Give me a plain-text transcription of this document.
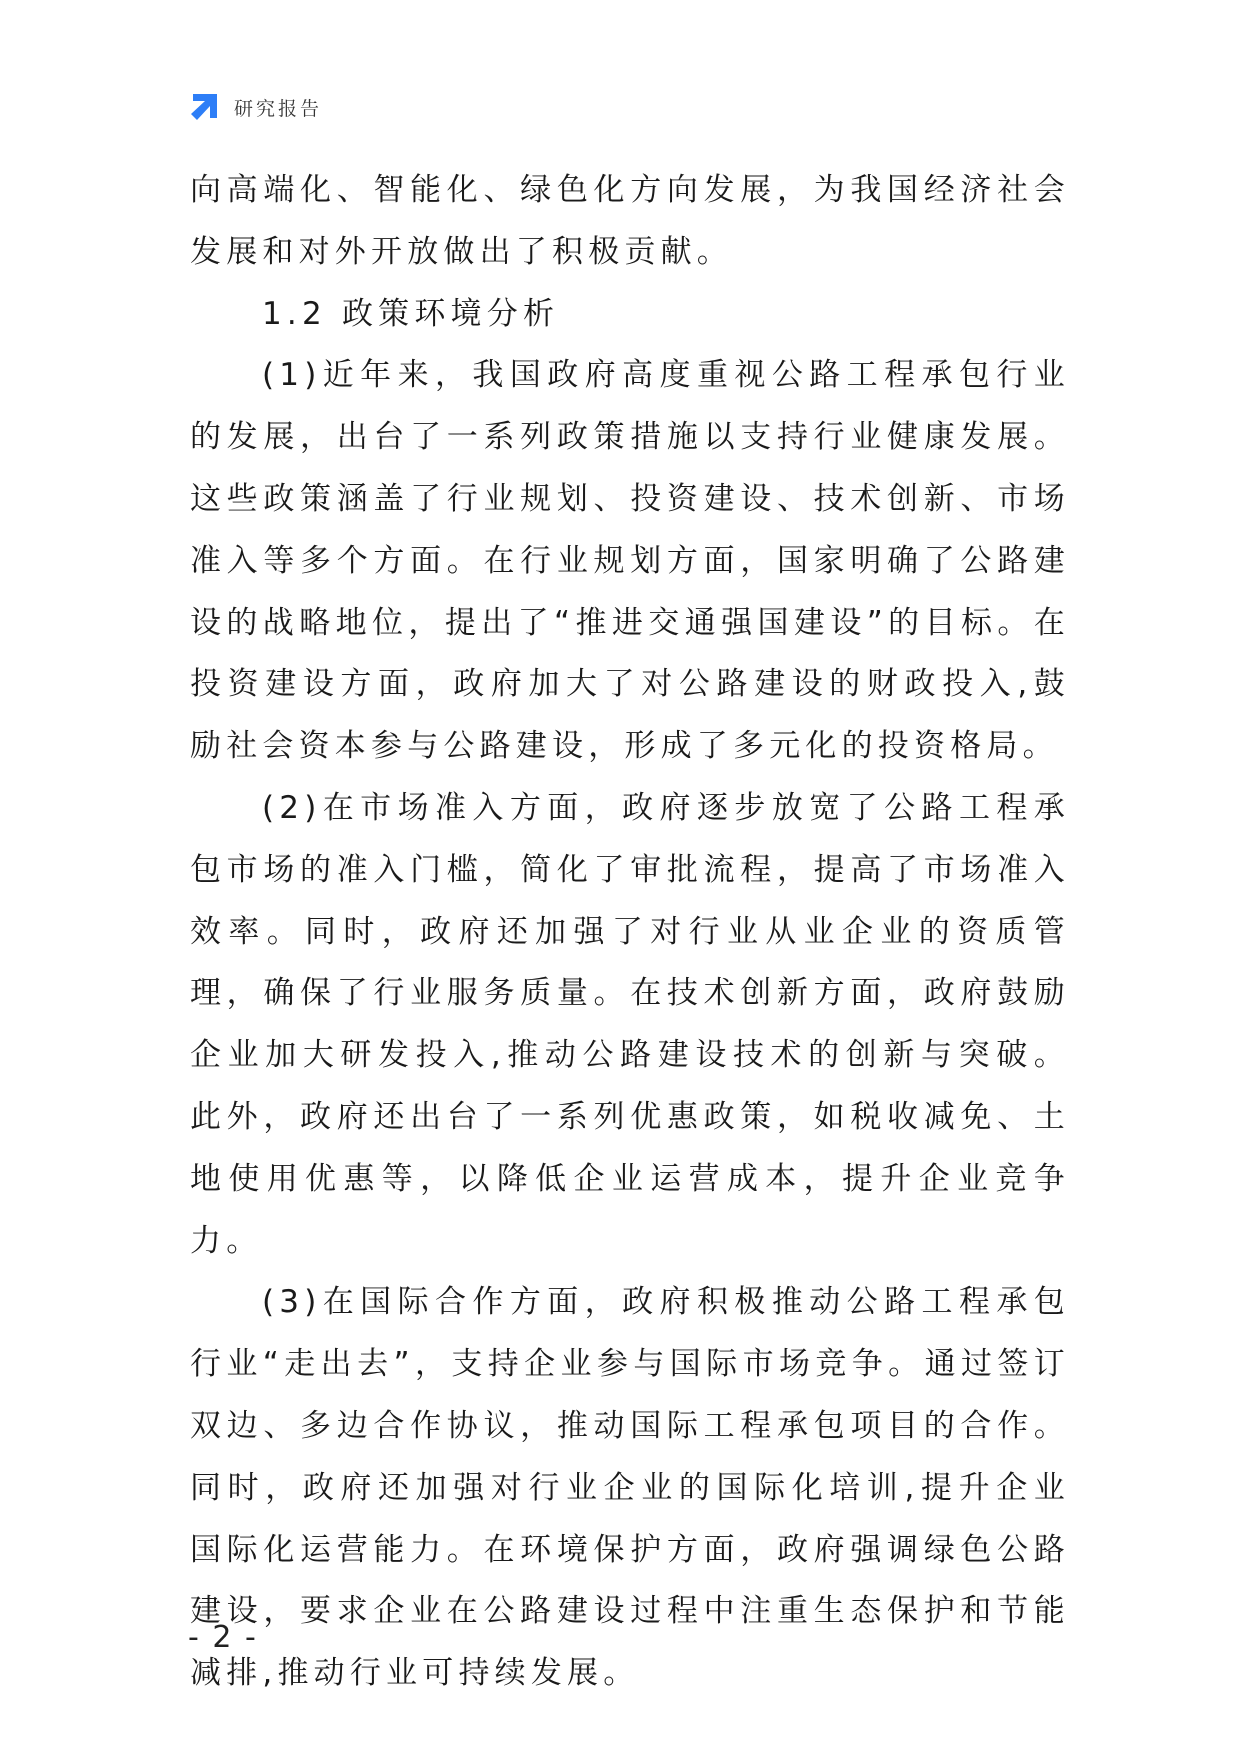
研究报告

向高端化、智能化、绿色化方向发展，为我国经济社会发展和对外开放做出了积极贡献。

1.2 政策环境分析

(1)近年来，我国政府高度重视公路工程承包行业的发展，出台了一系列政策措施以支持行业健康发展。这些政策涵盖了行业规划、投资建设、技术创新、市场准入等多个方面。在行业规划方面，国家明确了公路建设的战略地位，提出了“推进交通强国建设”的目标。在投资建设方面，政府加大了对公路建设的财政投入,鼓励社会资本参与公路建设，形成了多元化的投资格局。

(2)在市场准入方面，政府逐步放宽了公路工程承包市场的准入门槛，简化了审批流程，提高了市场准入效率。同时，政府还加强了对行业从业企业的资质管理，确保了行业服务质量。在技术创新方面，政府鼓励企业加大研发投入,推动公路建设技术的创新与突破。此外，政府还出台了一系列优惠政策，如税收减免、土地使用优惠等，以降低企业运营成本，提升企业竞争力。

(3)在国际合作方面，政府积极推动公路工程承包行业“走出去”，支持企业参与国际市场竞争。通过签订双边、多边合作协议，推动国际工程承包项目的合作。同时，政府还加强对行业企业的国际化培训,提升企业国际化运营能力。在环境保护方面，政府强调绿色公路建设，要求企业在公路建设过程中注重生态保护和节能减排,推动行业可持续发展。

- 2 -
